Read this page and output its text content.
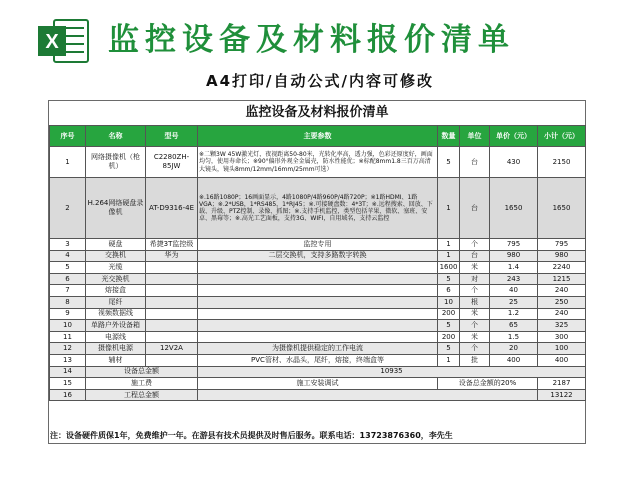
X 监控设备及材料报价清单
A4打印/自动公式/内容可修改
监控设备及材料报价清单
序号	名称	型号	主要参数	数量	单位	单价（元）	小计（元）
1	网络摄像机（枪机）	C2280ZH-85JW	※二颗3W 45W激光灯，夜视距离50-80米，光转化率高，透力强，色彩还原度好，画面均匀，使用寿命长；※90°偏形外观全金属壳，防水性能优；※标配8mm1.8三百万高清大镜头，镜头8mm/12mm/16mm/25mm可选）	5	台	430	2150
2	H.264网络硬盘录像机	AT-D9316-4E	※.16路1080P；16画面显示，4路1080P/4路960P/4路720P；※1路HDMI、1路VGA；※.2*USB，1*RS485，1*RJ45；※.可接硬盘数：4*3T；※.远程搜索、回放、下载、升级、PTZ控制、录像、抓图；※.支持手机监控，类型包括苹果、微软、塞班、安卓、黑莓等；※.高光工艺面板，支持3G、WIFI，自用域名，支持云监控	1	台	1650	1650
3	硬盘	希捷3T监控级	监控专用	1	个	795	795
4	交换机	华为	二层交换机，支持多路数字转换	1	台	980	980
5	光缆			1600	米	1.4	2240
6	光交换机			5	对	243	1215
7	熔接盒			6	个	40	240
8	尾纤			10	根	25	250
9	视频数据线			200	米	1.2	240
10	单路户外设备箱			5	个	65	325
11	电源线			200	米	1.5	300
12	摄像机电源	12V2A	为摄像机提供稳定的工作电流	5	个	20	100
13	辅材		PVC管材、水晶头，尾纤，熔接，终端盒等	1	批	400	400
14	设备总金额		10935				
15	施工费		施工安装调试	设备总金额的20%			2187
16	工程总金额						13122
注：设备硬件质保1年，免费维护一年。在游县有技术员提供及时售后服务。联系电话：13723876360，李先生
